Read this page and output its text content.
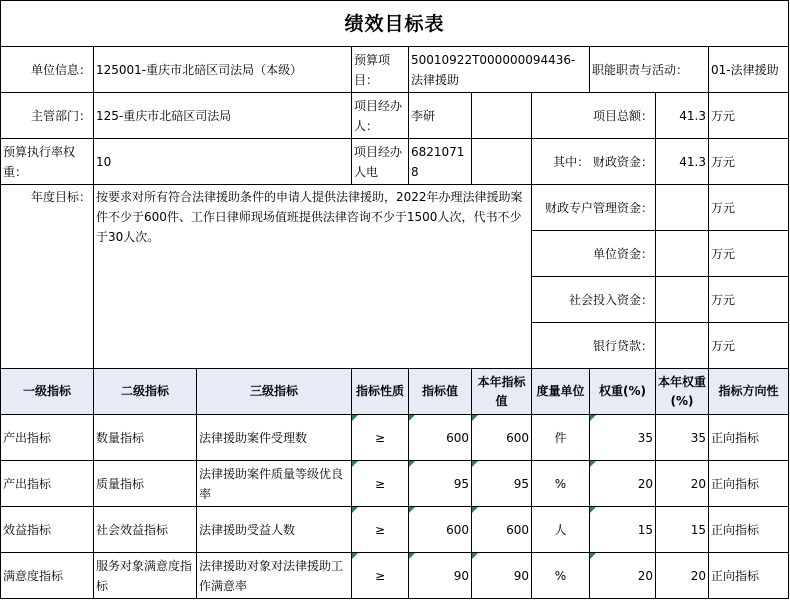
绩效目标表									
单位信息：	125001-重庆市北碚区司法局（本级）		预算项目：	50010922T000000094436-法律援助			职能职责与活动：		01-法律援助
主管部门：	125-重庆市北碚区司法局		项目经办人：	李研		项目总额：		41.3	万元
预算执行率权重：	10		项目经办人电	68210718		其中： 财政资金：		41.3	万元
年度目标：	按要求对所有符合法律援助条件的申请人提供法律援助，2022年办理法律援助案件不少于600件、工作日律师现场值班提供法律咨询不少于1500人次，代书不少于30人次。					财政专户管理资金：			万元
						单位资金：			万元
						社会投入资金：			万元
						银行贷款：			万元
一级指标	二级指标	三级指标	指标性质	指标值	本年指标值	度量单位	权重(%)	本年权重(%)	指标方向性
产出指标	数量指标	法律援助案件受理数	≥	600	600	件	35	35	正向指标
产出指标	质量指标	法律援助案件质量等级优良率	≥	95	95	%	20	20	正向指标
效益指标	社会效益指标	法律援助受益人数	≥	600	600	人	15	15	正向指标
满意度指标	服务对象满意度指标	法律援助对象对法律援助工作满意率	≥	90	90	%	20	20	正向指标
